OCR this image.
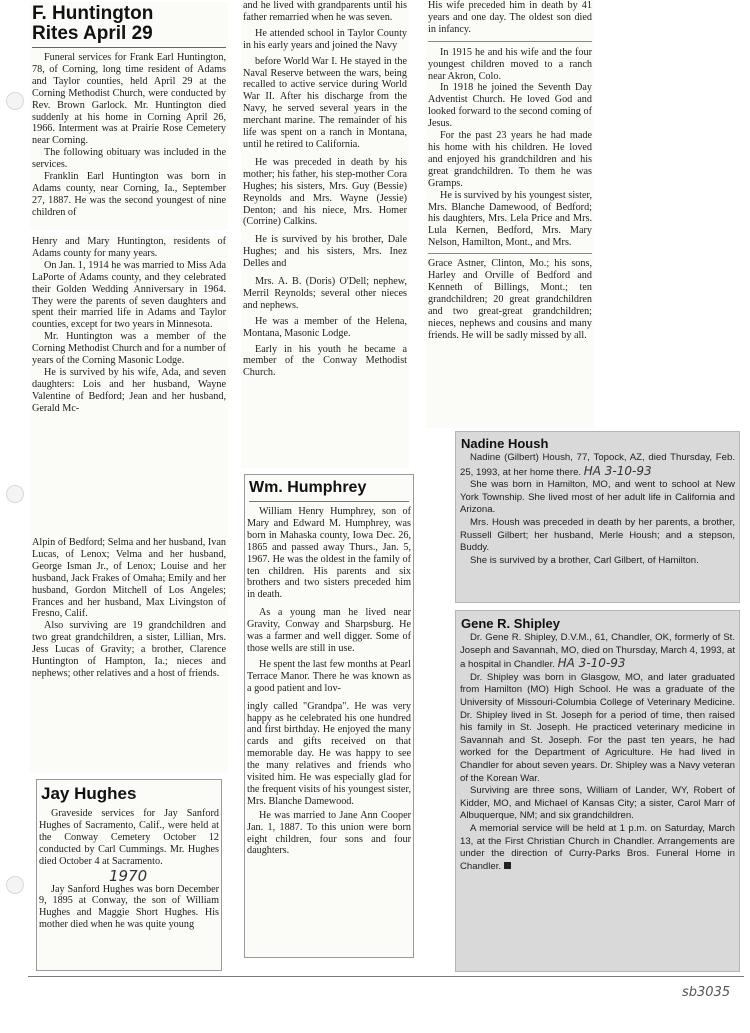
F. Huntington
Rites April 29

Funeral services for Frank Earl Huntington, 78, of Corning, long time resident of Adams and Taylor counties, held April 29 at the Corning Methodist Church, were conducted by Rev. Brown Garlock. Mr. Huntington died suddenly at his home in Corning April 26, 1966. Interment was at Prairie Rose Cemetery near Corning.

The following obituary was included in the services.

Franklin Earl Huntington was born in Adams county, near Corning, Ia., September 27, 1887. He was the second youngest of nine children of

Henry and Mary Huntington, residents of Adams county for many years.

On Jan. 1, 1914 he was married to Miss Ada LaPorte of Adams county, and they celebrated their Golden Wedding Anniversary in 1964. They were the parents of seven daughters and spent their married life in Adams and Taylor counties, except for two years in Minnesota.

Mr. Huntington was a member of the Corning Methodist Church and for a number of years of the Corning Masonic Lodge.

He is survived by his wife, Ada, and seven daughters: Lois and her husband, Wayne Valentine of Bedford; Jean and her husband, Gerald Mc-

Alpin of Bedford; Selma and her husband, Ivan Lucas, of Lenox; Velma and her husband, George Isman Jr., of Lenox; Louise and her husband, Jack Frakes of Omaha; Emily and her husband, Gordon Mitchell of Los Angeles; Frances and her husband, Max Livingston of Fresno, Calif.

Also surviving are 19 grandchildren and two great grandchildren, a sister, Lillian, Mrs. Jess Lucas of Gravity; a brother, Clarence Huntington of Hampton, Ia.; nieces and nephews; other relatives and a host of friends.

Jay Hughes

Graveside services for Jay Sanford Hughes of Sacramento, Calif., were held at the Conway Cemetery October 12 conducted by Carl Cummings. Mr. Hughes died October 4 at Sacramento.

1970

Jay Sanford Hughes was born December 9, 1895 at Conway, the son of William Hughes and Maggie Short Hughes. His mother died when he was quite young

and he lived with grandparents until his father remarried when he was seven.

He attended school in Taylor County in his early years and joined the Navy

before World War I. He stayed in the Naval Reserve between the wars, being recalled to active service during World War II. After his discharge from the Navy, he served several years in the merchant marine. The remainder of his life was spent on a ranch in Montana, until he retired to California.

He was preceded in death by his mother; his father, his step-mother Cora Hughes; his sisters, Mrs. Guy (Bessie) Reynolds and Mrs. Wayne (Jessie) Denton; and his niece, Mrs. Homer (Corrine) Calkins.

He is survived by his brother, Dale Hughes; and his sisters, Mrs. Inez Delles and

Mrs. A. B. (Doris) O'Dell; nephew, Merril Reynolds; several other nieces and nephews.

He was a member of the Helena, Montana, Masonic Lodge.

Early in his youth he became a member of the Conway Methodist Church.

Wm. Humphrey

William Henry Humphrey, son of Mary and Edward M. Humphrey, was born in Mahaska county, Iowa Dec. 26, 1865 and passed away Thurs., Jan. 5, 1967. He was the oldest in the family of ten children. His parents and six brothers and two sisters preceded him in death.

As a young man he lived near Gravity, Conway and Sharpsburg. He was a farmer and well digger. Some of those wells are still in use.

He spent the last few months at Pearl Terrace Manor. There he was known as a good patient and lov-

ingly called "Grandpa". He was very happy as he celebrated his one hundred and first birthday. He enjoyed the many cards and gifts received on that memorable day. He was happy to see the many relatives and friends who visited him. He was especially glad for the frequent visits of his youngest sister, Mrs. Blanche Damewood.

He was married to Jane Ann Cooper Jan. 1, 1887. To this union were born eight children, four sons and four daughters.

His wife preceded him in death by 41 years and one day. The oldest son died in infancy.

In 1915 he and his wife and the four youngest children moved to a ranch near Akron, Colo.

In 1918 he joined the Seventh Day Adventist Church. He loved God and looked forward to the second coming of Jesus.

For the past 23 years he had made his home with his children. He loved and enjoyed his grandchildren and his great grandchildren. To them he was Gramps.

He is survived by his youngest sister, Mrs. Blanche Damewood, of Bedford; his daughters, Mrs. Lela Price and Mrs. Lula Kernen, Bedford, Mrs. Mary Nelson, Hamilton, Mont., and Mrs.

Grace Astner, Clinton, Mo.; his sons, Harley and Orville of Bedford and Kenneth of Billings, Mont.; ten grandchildren; 20 great grandchildren and two great-great grandchildren; nieces, nephews and cousins and many friends. He will be sadly missed by all.

Nadine Housh

Nadine (Gilbert) Housh, 77, Topock, AZ, died Thursday, Feb. 25, 1993, at her home there. HA 3-10-93

She was born in Hamilton, MO, and went to school at New York Township. She lived most of her adult life in California and Arizona.

Mrs. Housh was preceded in death by her parents, a brother, Russell Gilbert; her husband, Merle Housh; and a stepson, Buddy.

She is survived by a brother, Carl Gilbert, of Hamilton.

Gene R. Shipley

Dr. Gene R. Shipley, D.V.M., 61, Chandler, OK, formerly of St. Joseph and Savannah, MO, died on Thursday, March 4, 1993, at a hospital in Chandler. HA 3-10-93

Dr. Shipley was born in Glasgow, MO, and later graduated from Hamilton (MO) High School. He was a graduate of the University of Missouri-Columbia College of Veterinary Medicine. Dr. Shipley lived in St. Joseph for a period of time, then raised his family in St. Joseph. He practiced veterinary medicine in Savannah and St. Joseph. For the past ten years, he had worked for the Department of Agriculture. He had lived in Chandler for about seven years. Dr. Shipley was a Navy veteran of the Korean War.

Surviving are three sons, William of Lander, WY, Robert of Kidder, MO, and Michael of Kansas City; a sister, Carol Marr of Albuquerque, NM; and six grandchildren.

A memorial service will be held at 1 p.m. on Saturday, March 13, at the First Christian Church in Chandler. Arrangements are under the direction of Curry-Parks Bros. Funeral Home in Chandler.

sb3035
